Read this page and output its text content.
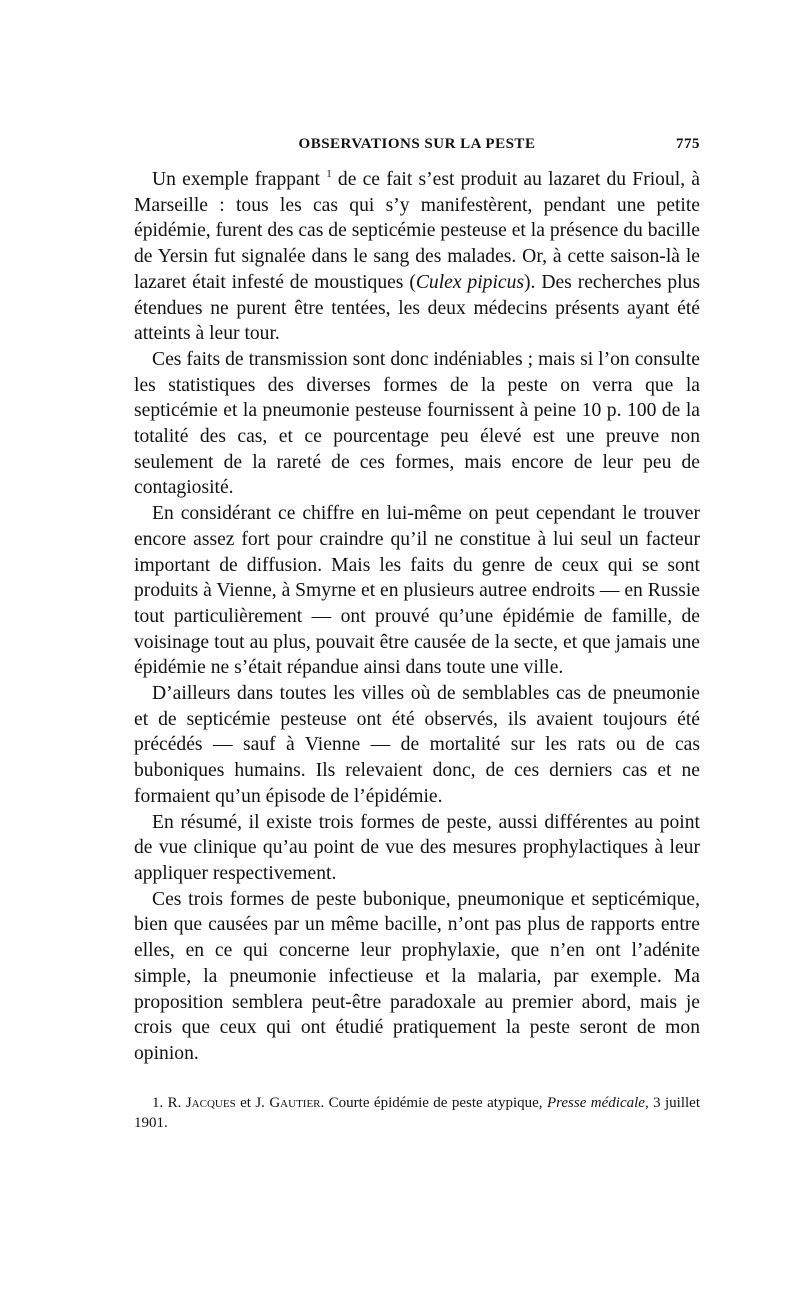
OBSERVATIONS SUR LA PESTE	775

Un exemple frappant $^1$ de ce fait s’est produit au lazaret du Frioul, à Marseille : tous les cas qui s’y manifestèrent, pendant une petite épidémie, furent des cas de septicémie pesteuse et la présence du bacille de Yersin fut signalée dans le sang des malades. Or, à cette saison-là le lazaret était infesté de moustiques (Culex pipicus). Des recherches plus étendues ne purent être tentées, les deux médecins présents ayant été atteints à leur tour.

Ces faits de transmission sont donc indéniables ; mais si l’on consulte les statistiques des diverses formes de la peste on verra que la septicémie et la pneumonie pesteuse fournissent à peine 10 p. 100 de la totalité des cas, et ce pourcentage peu élevé est une preuve non seulement de la rareté de ces formes, mais encore de leur peu de contagiosité.

En considérant ce chiffre en lui-même on peut cependant le trouver encore assez fort pour craindre qu’il ne constitue à lui seul un facteur important de diffusion. Mais les faits du genre de ceux qui se sont produits à Vienne, à Smyrne et en plusieurs autree endroits — en Russie tout particulièrement — ont prouvé qu’une épidémie de famille, de voisinage tout au plus, pouvait être causée de la secte, et que jamais une épidémie ne s’était répandue ainsi dans toute une ville.

D’ailleurs dans toutes les villes où de semblables cas de pneumonie et de septicémie pesteuse ont été observés, ils avaient toujours été précédés — sauf à Vienne — de mortalité sur les rats ou de cas buboniques humains. Ils relevaient donc, de ces derniers cas et ne formaient qu’un épisode de l’épidémie.

En résumé, il existe trois formes de peste, aussi différentes au point de vue clinique qu’au point de vue des mesures prophylactiques à leur appliquer respectivement.

Ces trois formes de peste bubonique, pneumonique et septicémique, bien que causées par un même bacille, n’ont pas plus de rapports entre elles, en ce qui concerne leur prophylaxie, que n’en ont l’adénite simple, la pneumonie infectieuse et la malaria, par exemple. Ma proposition semblera peut-être paradoxale au premier abord, mais je crois que ceux qui ont étudié pratiquement la peste seront de mon opinion.

1. R. Jacques et J. Gautier. Courte épidémie de peste atypique, Presse médicale, 3 juillet 1901.
